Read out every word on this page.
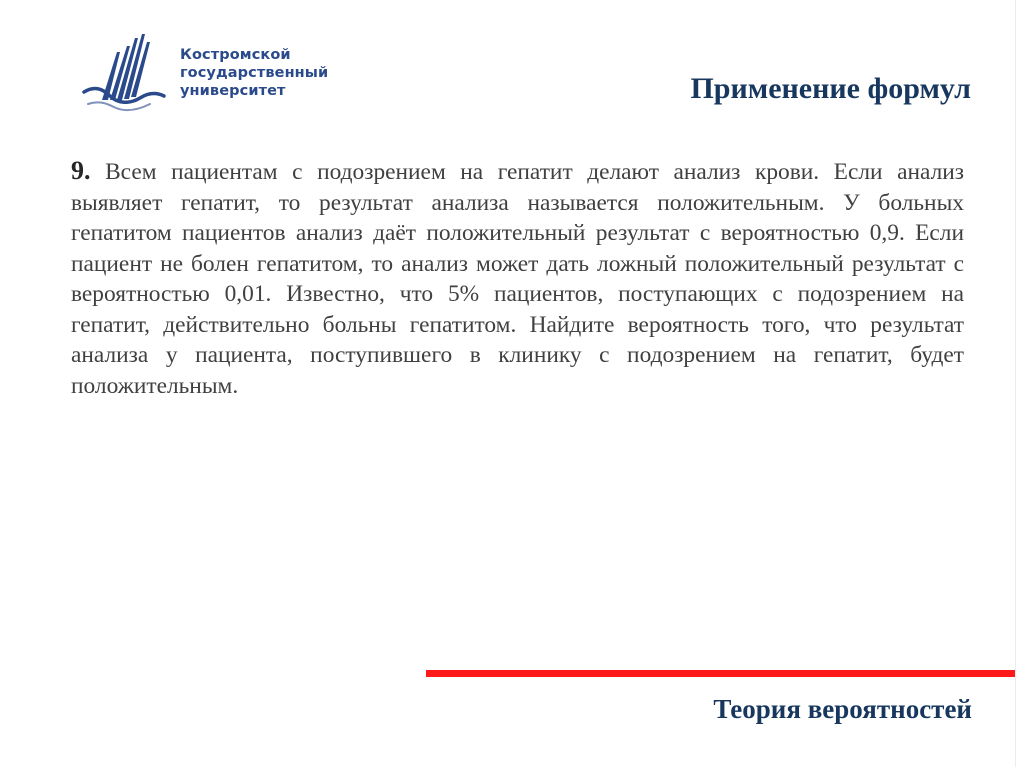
Костромской
государственный
университет	Применение формул
9. Всем пациентам с подозрением на гепатит делают анализ крови. Если анализ выявляет гепатит, то результат анализа называется положительным. У больных гепатитом пациентов анализ даёт положительный результат с вероятностью 0,9. Если пациент не болен гепатитом, то анализ может дать ложный положительный результат с вероятностью 0,01. Известно, что 5% пациентов, поступающих с подозрением на гепатит, действительно больны гепатитом. Найдите вероятность того, что результат анализа у пациента, поступившего в клинику с подозрением на гепатит, будет положительным.
Теория вероятностей
